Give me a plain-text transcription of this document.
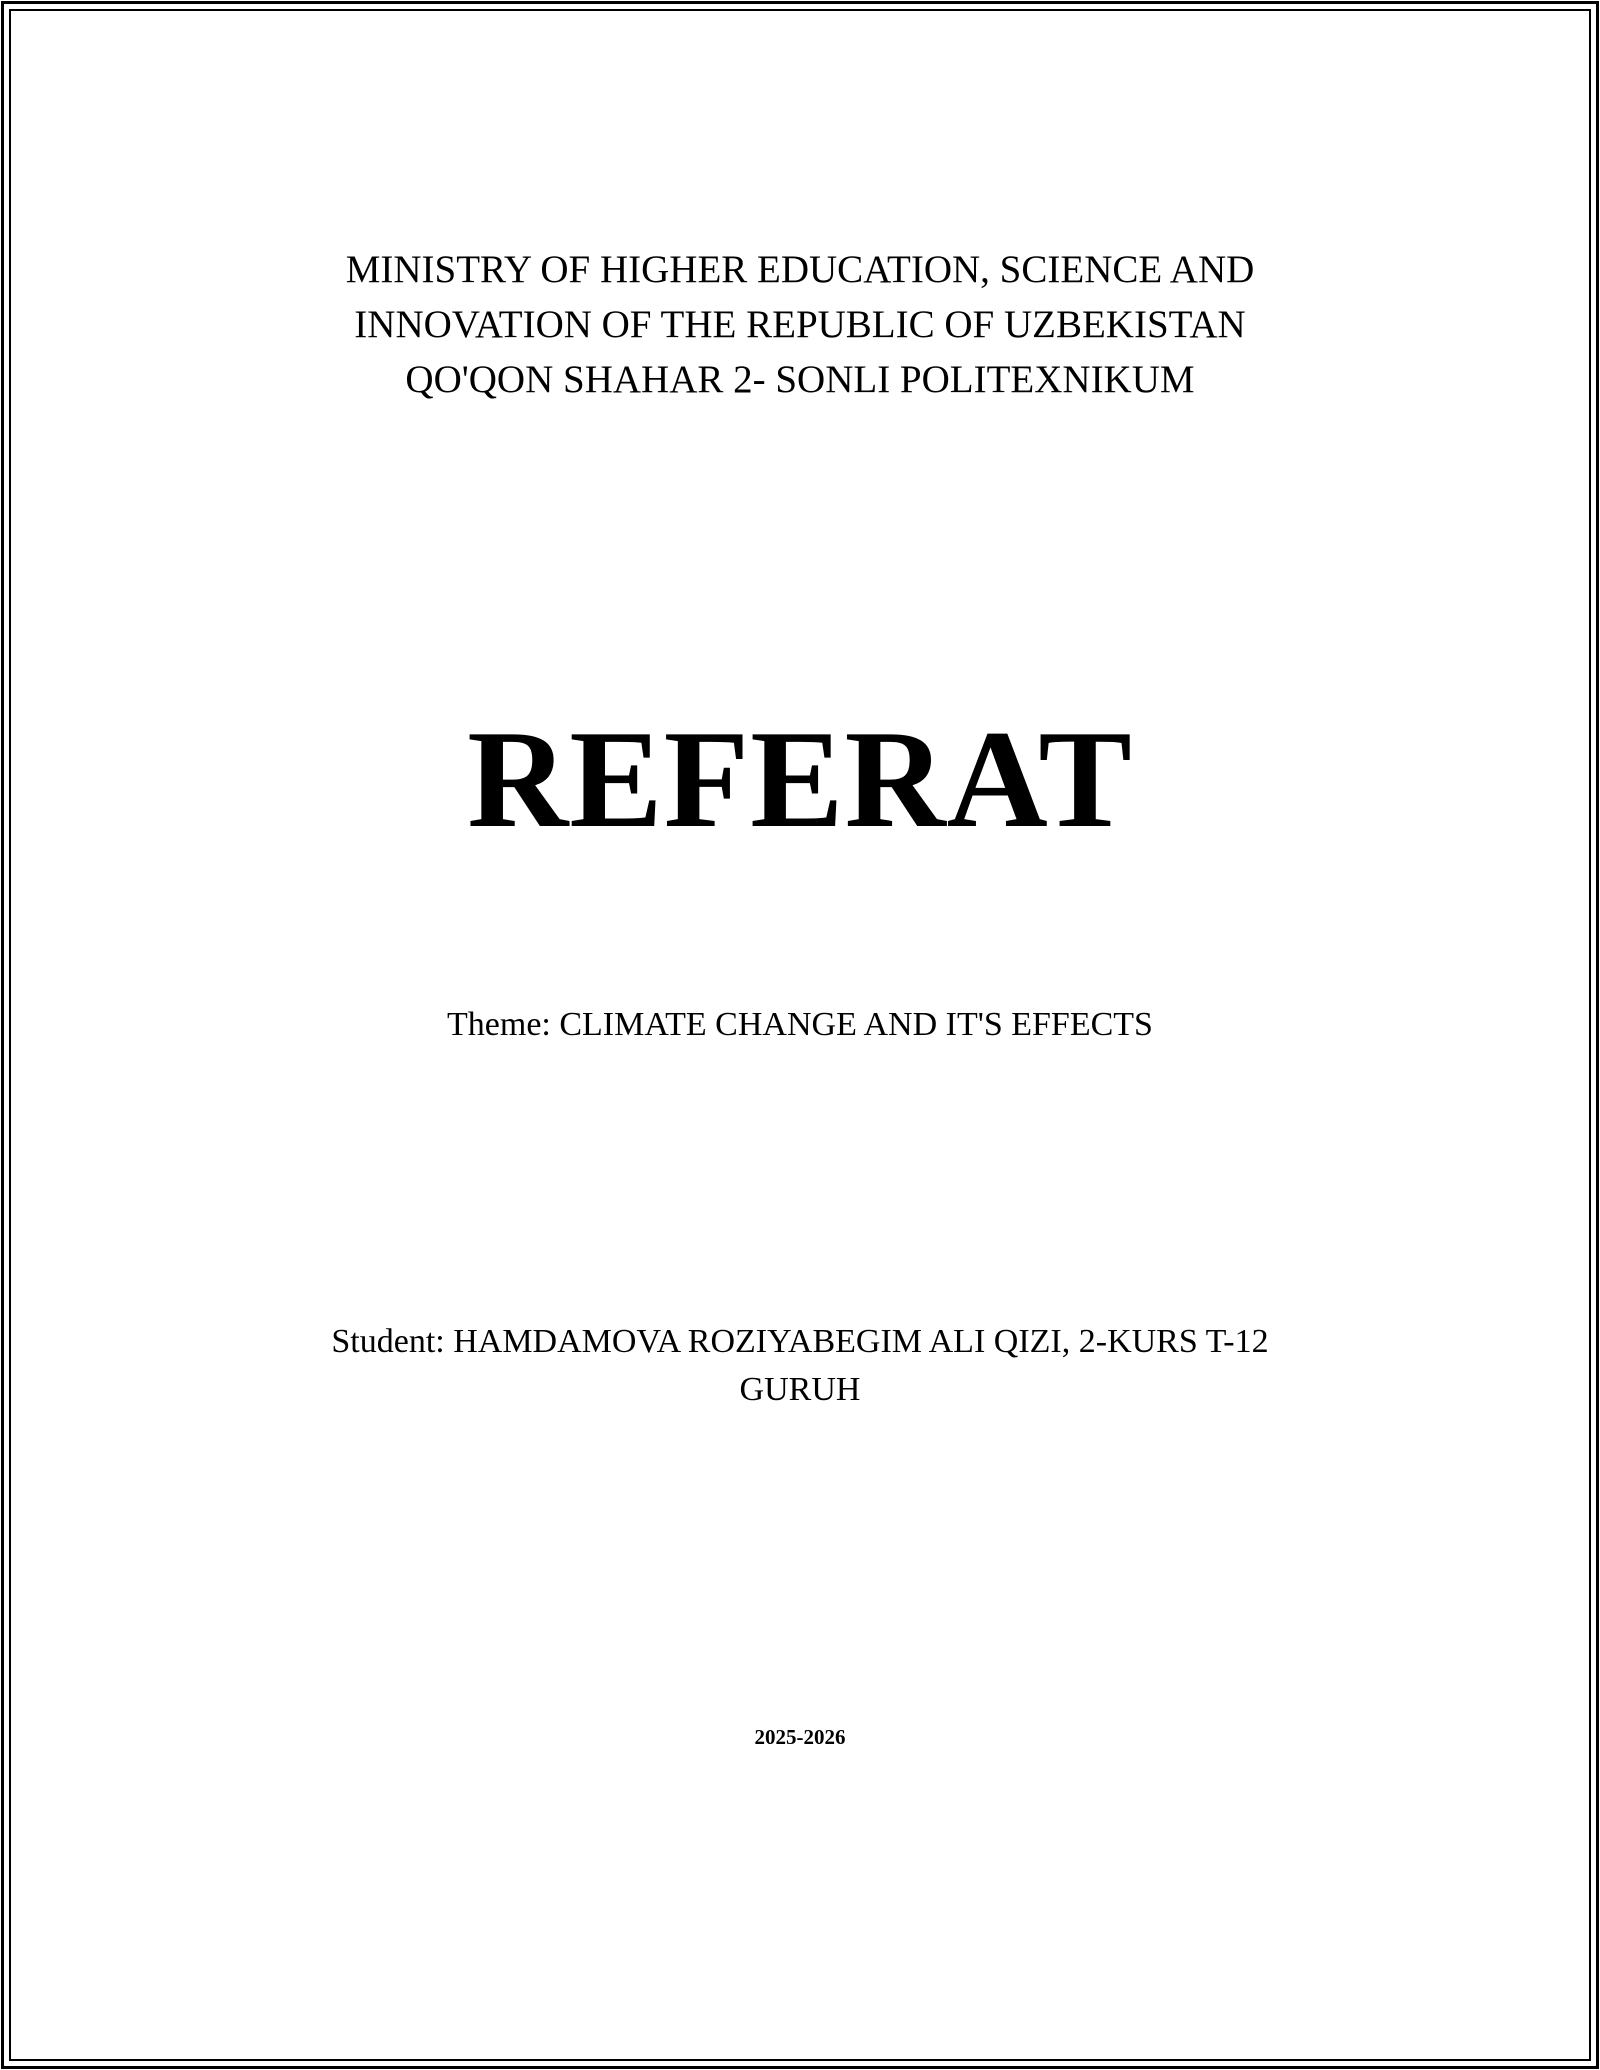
MINISTRY OF HIGHER EDUCATION, SCIENCE AND
INNOVATION OF THE REPUBLIC OF UZBEKISTAN
QO'QON SHAHAR 2- SONLI POLITEXNIKUM
REFERAT
Theme: CLIMATE CHANGE AND IT'S EFFECTS
Student: HAMDAMOVA ROZIYABEGIM ALI QIZI, 2-KURS T-12
GURUH
2025-2026
